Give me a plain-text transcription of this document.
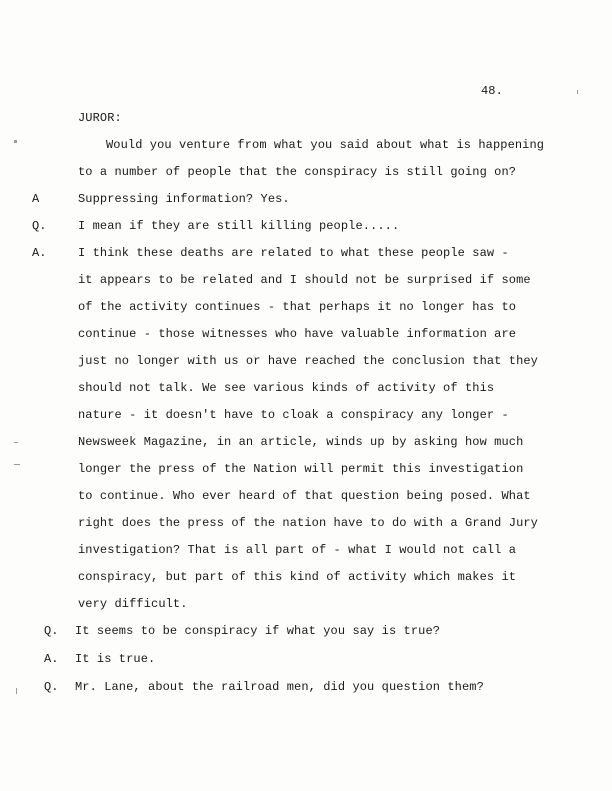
48.
JUROR:
Would you venture from what you said about what is happening
to a number of people that the conspiracy is still going on?
A	Suppressing information? Yes.
Q.	I mean if they are still killing people.....
A.	I think these deaths are related to what these people saw -
it appears to be related and I should not be surprised if some
of the activity continues - that perhaps it no longer has to
continue - those witnesses who have valuable information are
just no longer with us or have reached the conclusion that they
should not talk. We see various kinds of activity of this
nature - it doesn't have to cloak a conspiracy any longer -
Newsweek Magazine, in an article, winds up by asking how much
longer the press of the Nation will permit this investigation
to continue. Who ever heard of that question being posed. What
right does the press of the nation have to do with a Grand Jury
investigation? That is all part of - what I would not call a
conspiracy, but part of this kind of activity which makes it
very difficult.
Q. It seems to be conspiracy if what you say is true?
A. It is true.
Q. Mr. Lane, about the railroad men, did you question them?
